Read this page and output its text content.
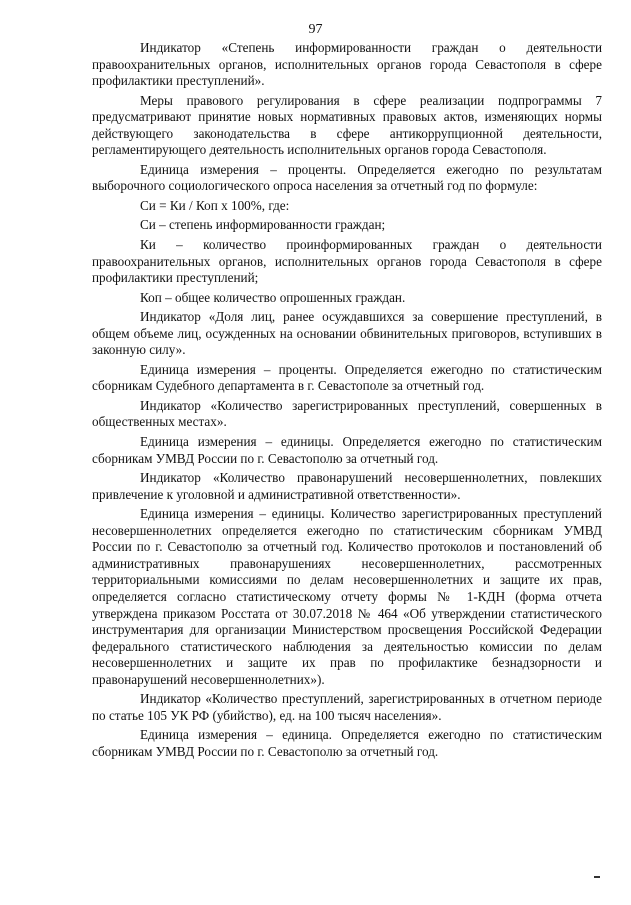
97

Индикатор «Степень информированности граждан о деятельности правоохранительных органов, исполнительных органов города Севастополя в сфере профилактики преступлений».

Меры правового регулирования в сфере реализации подпрограммы 7 предусматривают принятие новых нормативных правовых актов, изменяющих нормы действующего законодательства в сфере антикоррупционной деятельности, регламентирующего деятельность исполнительных органов города Севастополя.

Единица измерения – проценты. Определяется ежегодно по результатам выборочного социологического опроса населения за отчетный год по формуле:

Си = Ки / Коп х 100%, где:

Си – степень информированности граждан;

Ки – количество проинформированных граждан о деятельности правоохранительных органов, исполнительных органов города Севастополя в сфере профилактики преступлений;

Коп – общее количество опрошенных граждан.

Индикатор «Доля лиц, ранее осуждавшихся за совершение преступлений, в общем объеме лиц, осужденных на основании обвинительных приговоров, вступивших в законную силу».

Единица измерения – проценты. Определяется ежегодно по статистическим сборникам Судебного департамента в г. Севастополе за отчетный год.

Индикатор «Количество зарегистрированных преступлений, совершенных в общественных местах».

Единица измерения – единицы. Определяется ежегодно по статистическим сборникам УМВД России по г. Севастополю за отчетный год.

Индикатор «Количество правонарушений несовершеннолетних, повлекших привлечение к уголовной и административной ответственности».

Единица измерения – единицы. Количество зарегистрированных преступлений несовершеннолетних определяется ежегодно по статистическим сборникам УМВД России по г. Севастополю за отчетный год. Количество протоколов и постановлений об административных правонарушениях несовершеннолетних, рассмотренных территориальными комиссиями по делам несовершеннолетних и защите их прав, определяется согласно статистическому отчету формы № 1-КДН (форма отчета утверждена приказом Росстата от 30.07.2018 № 464 «Об утверждении статистического инструментария для организации Министерством просвещения Российской Федерации федерального статистического наблюдения за деятельностью комиссии по делам несовершеннолетних и защите их прав по профилактике безнадзорности и правонарушений несовершеннолетних»).

Индикатор «Количество преступлений, зарегистрированных в отчетном периоде по статье 105 УК РФ (убийство), ед. на 100 тысяч населения».

Единица измерения – единица. Определяется ежегодно по статистическим сборникам УМВД России по г. Севастополю за отчетный год.
